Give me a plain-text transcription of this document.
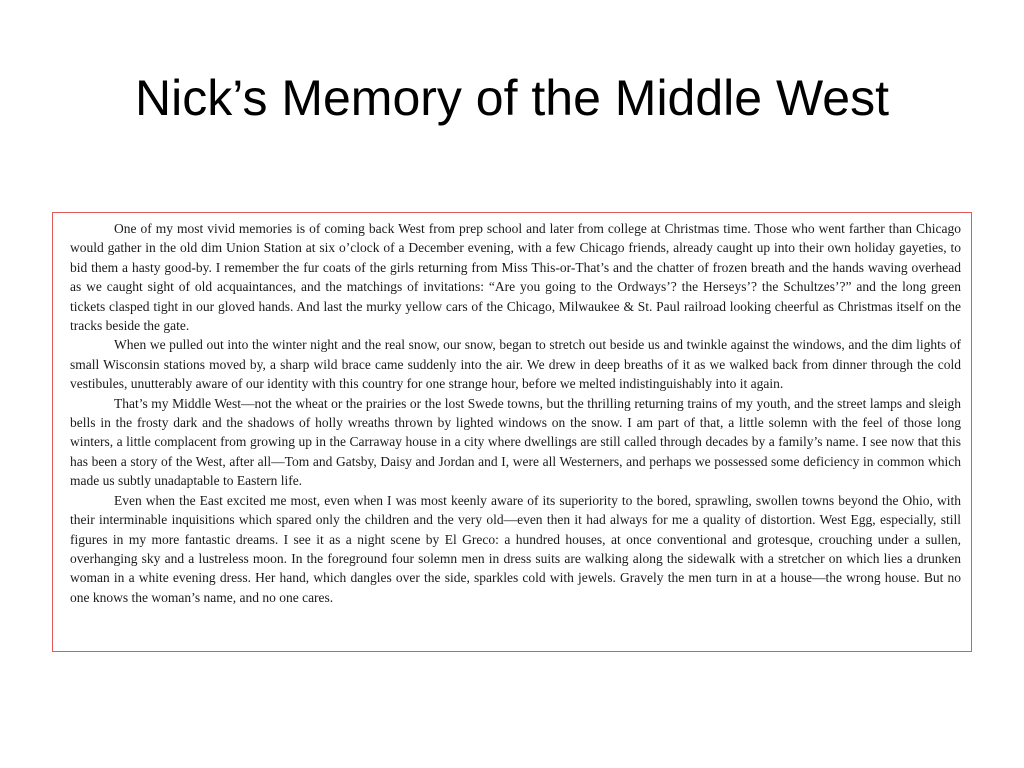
Nick’s Memory of the Middle West

One of my most vivid memories is of coming back West from prep school and later from college at Christmas time. Those who went farther than Chicago would gather in the old dim Union Station at six o’clock of a December evening, with a few Chicago friends, already caught up into their own holiday gayeties, to bid them a hasty good-by. I remember the fur coats of the girls returning from Miss This-or-That’s and the chatter of frozen breath and the hands waving overhead as we caught sight of old acquaintances, and the matchings of invitations: “Are you going to the Ordways’? the Herseys’? the Schultzes’?” and the long green tickets clasped tight in our gloved hands. And last the murky yellow cars of the Chicago, Milwaukee & St. Paul railroad looking cheerful as Christmas itself on the tracks beside the gate.

When we pulled out into the winter night and the real snow, our snow, began to stretch out beside us and twinkle against the windows, and the dim lights of small Wisconsin stations moved by, a sharp wild brace came suddenly into the air. We drew in deep breaths of it as we walked back from dinner through the cold vestibules, unutterably aware of our identity with this country for one strange hour, before we melted indistinguishably into it again.

That’s my Middle West—not the wheat or the prairies or the lost Swede towns, but the thrilling returning trains of my youth, and the street lamps and sleigh bells in the frosty dark and the shadows of holly wreaths thrown by lighted windows on the snow. I am part of that, a little solemn with the feel of those long winters, a little complacent from growing up in the Carraway house in a city where dwellings are still called through decades by a family’s name. I see now that this has been a story of the West, after all—Tom and Gatsby, Daisy and Jordan and I, were all Westerners, and perhaps we possessed some deficiency in common which made us subtly unadaptable to Eastern life.

Even when the East excited me most, even when I was most keenly aware of its superiority to the bored, sprawling, swollen towns beyond the Ohio, with their interminable inquisitions which spared only the children and the very old—even then it had always for me a quality of distortion. West Egg, especially, still figures in my more fantastic dreams. I see it as a night scene by El Greco: a hundred houses, at once conventional and grotesque, crouching under a sullen, overhanging sky and a lustreless moon. In the foreground four solemn men in dress suits are walking along the sidewalk with a stretcher on which lies a drunken woman in a white evening dress. Her hand, which dangles over the side, sparkles cold with jewels. Gravely the men turn in at a house—the wrong house. But no one knows the woman’s name, and no one cares.
